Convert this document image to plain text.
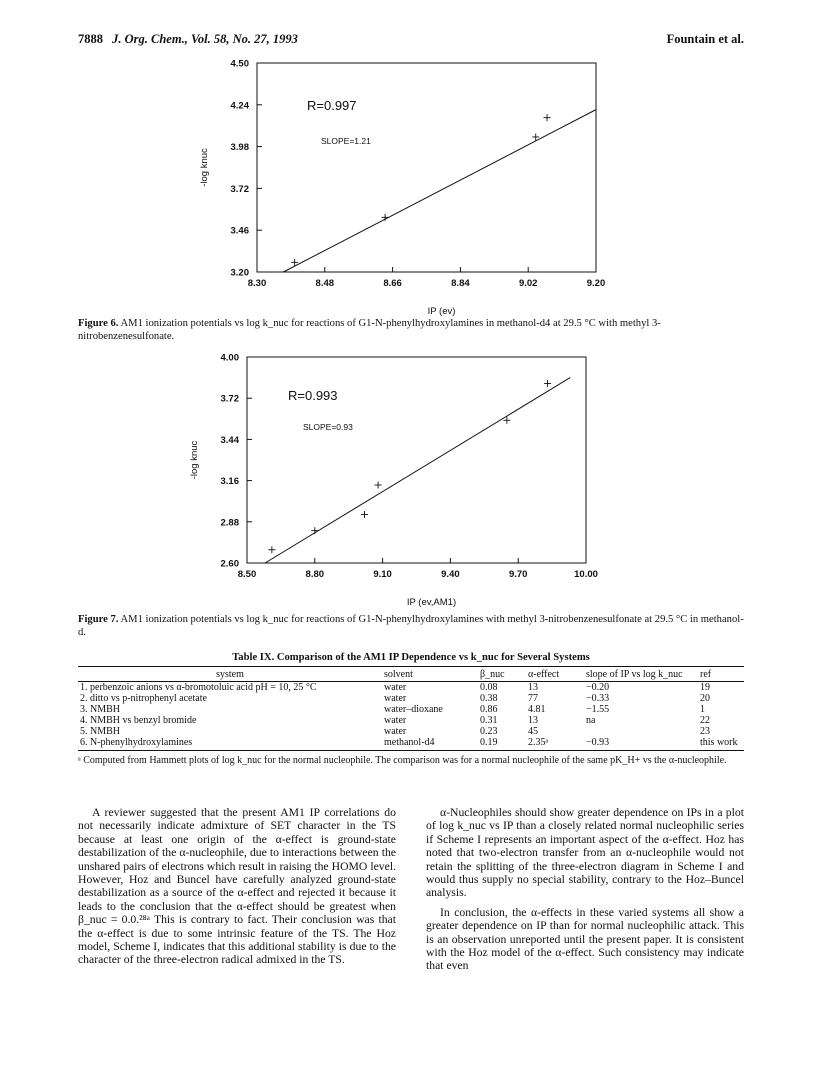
7888 J. Org. Chem., Vol. 58, No. 27, 1993	Fountain et al.
8.30	8.48	8.66	8.84	9.02	9.20
3.20
3.46
3.72
3.98
4.24
4.50
IP (ev)
-log knuc
R=0.997
SLOPE=1.21
Figure 6. AM1 ionization potentials vs log k_nuc for reactions of G1-N-phenylhydroxylamines in methanol-d4 at 29.5 °C with methyl 3-nitrobenzenesulfonate.
8.50	8.80	9.10	9.40	9.70	10.00
2.60
2.88
3.16
3.44
3.72
4.00
IP (ev,AM1)
-log knuc
R=0.993
SLOPE=0.93
Figure 7. AM1 ionization potentials vs log k_nuc for reactions of G1-N-phenylhydroxylamines with methyl 3-nitrobenzenesulfonate at 29.5 °C in methanol-d.
Table IX. Comparison of the AM1 IP Dependence vs k_nuc for Several Systems
system	solvent	β_nuc	α-effect	slope of IP vs log k_nuc	ref
1. perbenzoic anions vs α-bromotoluic acid pH = 10, 25 °C	water	0.08	13	−0.20	19
2. ditto vs p-nitrophenyl acetate	water	0.38	77	−0.33	20
3. NMBH	water–dioxane	0.86	4.81	−1.55	1
4. NMBH vs benzyl bromide	water	0.31	13	na	22
5. NMBH	water	0.23	45		23
6. N-phenylhydroxylamines	methanol-d4	0.19	2.35ᵃ	−0.93	this work
ᵃ Computed from Hammett plots of log k_nuc for the normal nucleophile. The comparison was for a normal nucleophile of the same pK_H+ vs the α-nucleophile.

A reviewer suggested that the present AM1 IP correlations do not necessarily indicate admixture of SET character in the TS because at least one origin of the α-effect is ground-state destabilization of the α-nucleophile, due to interactions between the unshared pairs of electrons which result in raising the HOMO level. However, Hoz and Buncel have carefully analyzed ground-state destabilization as a source of the α-effect and rejected it because it leads to the conclusion that the α-effect should be greatest when β_nuc = 0.0.²⁸ᵃ This is contrary to fact. Their conclusion was that the α-effect is due to some intrinsic feature of the TS. The Hoz model, Scheme I, indicates that this additional stability is due to the character of the three-electron radical admixed in the TS.

α-Nucleophiles should show greater dependence on IPs in a plot of log k_nuc vs IP than a closely related normal nucleophilic series if Scheme I represents an important aspect of the α-effect. Hoz has noted that two-electron transfer from an α-nucleophile would not retain the splitting of the three-electron diagram in Scheme I and would thus supply no special stability, contrary to the Hoz–Buncel analysis.

In conclusion, the α-effects in these varied systems all show a greater dependence on IP than for normal nucleophilic attack. This is an observation unreported until the present paper. It is consistent with the Hoz model of the α-effect. Such consistency may indicate that even
